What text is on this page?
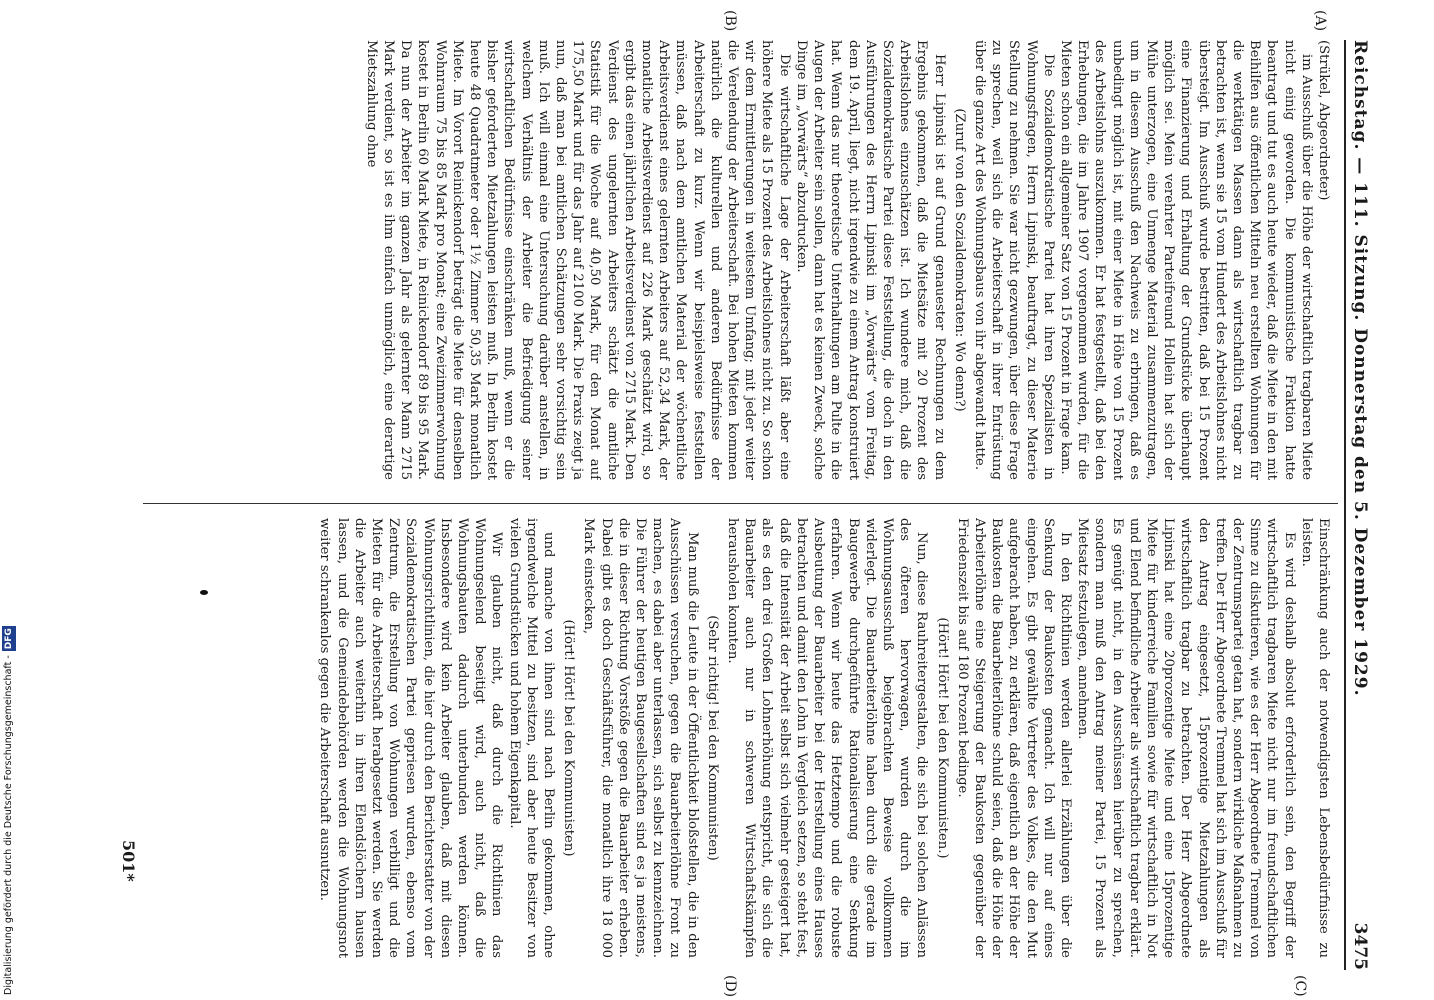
Reichstag. — 111. Sitzung. Donnerstag den 5. Dezember 1929.
3475
(A)
(B)
(C)
(D)

(Strükel, Abgeordneter)

im Ausschuß über die Höhe der wirtschaftlich tragbaren Miete nicht einig geworden. Die kommunistische Fraktion hatte beantragt und tut es auch heute wieder, daß die Miete in den mit Beihilfen aus öffentlichen Mitteln neu erstellten Wohnungen für die werktätigen Massen dann als wirtschaftlich tragbar zu betrachten ist, wenn sie 15 vom Hundert des Arbeitslohnes nicht übersteigt. Im Ausschuß wurde bestritten, daß bei 15 Prozent eine Finanzierung und Erhaltung der Grundstücke überhaupt möglich sei. Mein verehrter Parteifreund Hollein hat sich der Mühe unterzogen, eine Unmenge Material zusammenzutragen, um in diesem Ausschuß den Nachweis zu erbringen, daß es unbedingt möglich ist, mit einer Miete in Höhe von 15 Prozent des Arbeitslohns auszukommen. Er hat festgestellt, daß bei den Erhebungen, die im Jahre 1907 vorgenommen wurden, für die Mieten schon ein allgemeiner Satz von 15 Prozent in Frage kam.

Die Sozialdemokratische Partei hat ihren Spezialisten in Wohnungsfragen, Herrn Lipinski, beauftragt, zu dieser Materie Stellung zu nehmen. Sie war nicht gezwungen, über diese Frage zu sprechen, weil sich die Arbeiterschaft in ihrer Entrüstung über die ganze Art des Wohnungsbaus von ihr abgewandt hatte.

(Zuruf von den Sozialdemokraten: Wo denn?)

Herr Lipinski ist auf Grund genauester Rechnungen zu dem Ergebnis gekommen, daß die Mietsätze mit 20 Prozent des Arbeitslohnes einzuschätzen ist. Ich wundere mich, daß die Sozialdemokratische Partei diese Feststellung, die doch in den Ausführungen des Herrn Lipinski im „Vorwärts“ vom Freitag, dem 19. April, liegt, nicht irgendwie zu einem Antrag konstruiert hat. Wenn das nur theoretische Unterhaltungen am Pulte in die Augen der Arbeiter sein sollen, dann hat es keinen Zweck, solche Dinge im „Vorwärts“ abzudrucken.

Die wirtschaftliche Lage der Arbeiterschaft läßt aber eine höhere Miete als 15 Prozent des Arbeitslohnes nicht zu. So schon wir dem Ermittlerungen in weitestem Umfang; mit jeder weiter die Verelendung der Arbeiterschaft. Bei hohen Mieten kommen natürlich die kulturellen und anderen Bedürfnisse der Arbeiterschaft zu kurz. Wenn wir beispielsweise feststellen müssen, daß nach dem amtlichen Material der wöchentliche Arbeitsverdienst eines gelernten Arbeiters auf 52,34 Mark, der monatliche Arbeitsverdienst auf 226 Mark geschätzt wird, so ergibt das einen jährlichen Arbeitsverdienst von 2715 Mark. Den Verdienst des ungelernten Arbeiters schätzt die amtliche Statistik für die Woche auf 40,50 Mark, für den Monat auf 175,50 Mark und für das Jahr auf 2100 Mark. Die Praxis zeigt ja nun, daß man bei amtlichen Schätzungen sehr vorsichtig sein muß. Ich will einmal eine Untersuchung darüber anstellen, in welchem Verhältnis der Arbeiter die Befriedigung seiner wirtschaftlichen Bedürfnisse einschränken muß, wenn er die bisher geforderten Mietzahlungen leisten muß. In Berlin kostet heute 48 Quadratmeter oder 1½ Zimmer 50,35 Mark monatlich Miete. Im Vorort Reinickendorf beträgt die Miete für denselben Wohnraum 75 bis 85 Mark pro Monat; eine Zweizimmerwohnung kostet in Berlin 60 Mark Miete, in Reinickendorf 89 bis 95 Mark. Da nun der Arbeiter im ganzen Jahr als gelernter Mann 2715 Mark verdient, so ist es ihm einfach unmöglich, eine derartige Mietszahlung ohne

Einschränkung auch der notwendigsten Lebensbedürfnisse zu leisten.

Es wird deshalb absolut erforderlich sein, den Begriff der wirtschaftlich tragbaren Miete nicht nur im freundschaftlichen Sinne zu diskutieren, wie es der Herr Abgeordnete Tremmel von der Zentrumspartei getan hat, sondern wirkliche Maßnahmen zu treffen. Der Herr Abgeordnete Tremmel hat sich im Ausschuß für den Antrag eingesetzt, 15prozentige Mietzahlungen als wirtschaftlich tragbar zu betrachten. Der Herr Abgeordnete Lipinski hat eine 20prozentige Miete und eine 15prozentige Miete für kinderreiche Familien sowie für wirtschaftlich in Not und Elend befindliche Arbeiter als wirtschaftlich tragbar erklärt. Es genügt nicht, in den Ausschüssen hierüber zu sprechen, sondern man muß den Antrag meiner Partei, 15 Prozent als Mietsatz festzulegen, annehmen.

In den Richtlinien werden allerlei Erzählungen über die Senkung der Baukosten gemacht. Ich will nur auf eines eingehen. Es gibt gewählte Vertreter des Volkes, die den Mut aufgebracht haben, zu erklären, daß eigentlich an der Höhe der Baukosten die Bauarbeiterlöhne schuld seien, daß die Höhe der Arbeiterlöhne eine Steigerung der Baukosten gegenüber der Friedenszeit bis auf 180 Prozent bedinge.

(Hört! Hört! bei den Kommunisten.)

Nun, diese Rauhreitergestalten, die sich bei solchen Anlässen des öfteren hervorwagen, wurden durch die im Wohnungsausschuß beigebrachten Beweise vollkommen widerlegt. Die Bauarbeiterlöhne haben durch die gerade im Baugewerbe durchgeführte Rationalisierung eine Senkung erfahren. Wenn wir heute das Hetztempo und die robuste Ausbeutung der Bauarbeiter bei der Herstellung eines Hauses betrachten und damit den Lohn in Vergleich setzen, so steht fest, daß die Intensität der Arbeit selbst sich vielmehr gesteigert hat, als es den drei Großen Lohnerhöhung entspricht, die sich die Bauarbeiter auch nur in schweren Wirtschaftskämpfen herausholen konnten.

(Sehr richtig! bei den Kommunisten)

Man muß die Leute in der Öffentlichkeit bloßstellen, die in den Ausschüssen versuchen, gegen die Bauarbeiterlöhne Front zu machen, es dabei aber unterlassen, sich selbst zu kennzeichnen. Die Führer der heutigen Baugesellschaften sind es ja meistens, die in dieser Richtung Vorstöße gegen die Bauarbeiter erheben. Dabei gibt es doch Geschäftsführer, die monatlich ihre 18 000 Mark einstecken,

(Hört! Hört! bei den Kommunisten)

und manche von ihnen sind nach Berlin gekommen, ohne irgendwelche Mittel zu besitzen, sind aber heute Besitzer von vielen Grundstücken und hohem Eigenkapital.

Wir glauben nicht, daß durch die Richtlinien das Wohnungselend beseitigt wird, auch nicht, daß die Wohnungsbauten dadurch unterbunden werden können. Insbesondere wird kein Arbeiter glauben, daß mit diesen Wohnungsrichtlinien, die hier durch den Berichterstatter von der Sozialdemokratischen Partei gepriesen wurden, ebenso vom Zentrum, die Erstellung von Wohnungen verbilligt und die Mieten für die Arbeiterschaft herabgesetzt werden. Sie werden die Arbeiter auch weiterhin in ihren Elendslöchern hausen lassen, und die Gemeindebehörden werden die Wohnungsnot weiter schrankenlos gegen die Arbeiterschaft ausnutzen.

501*
Digitalisierung gefördert durch die Deutsche Forschungsgemeinschaft -DFG
